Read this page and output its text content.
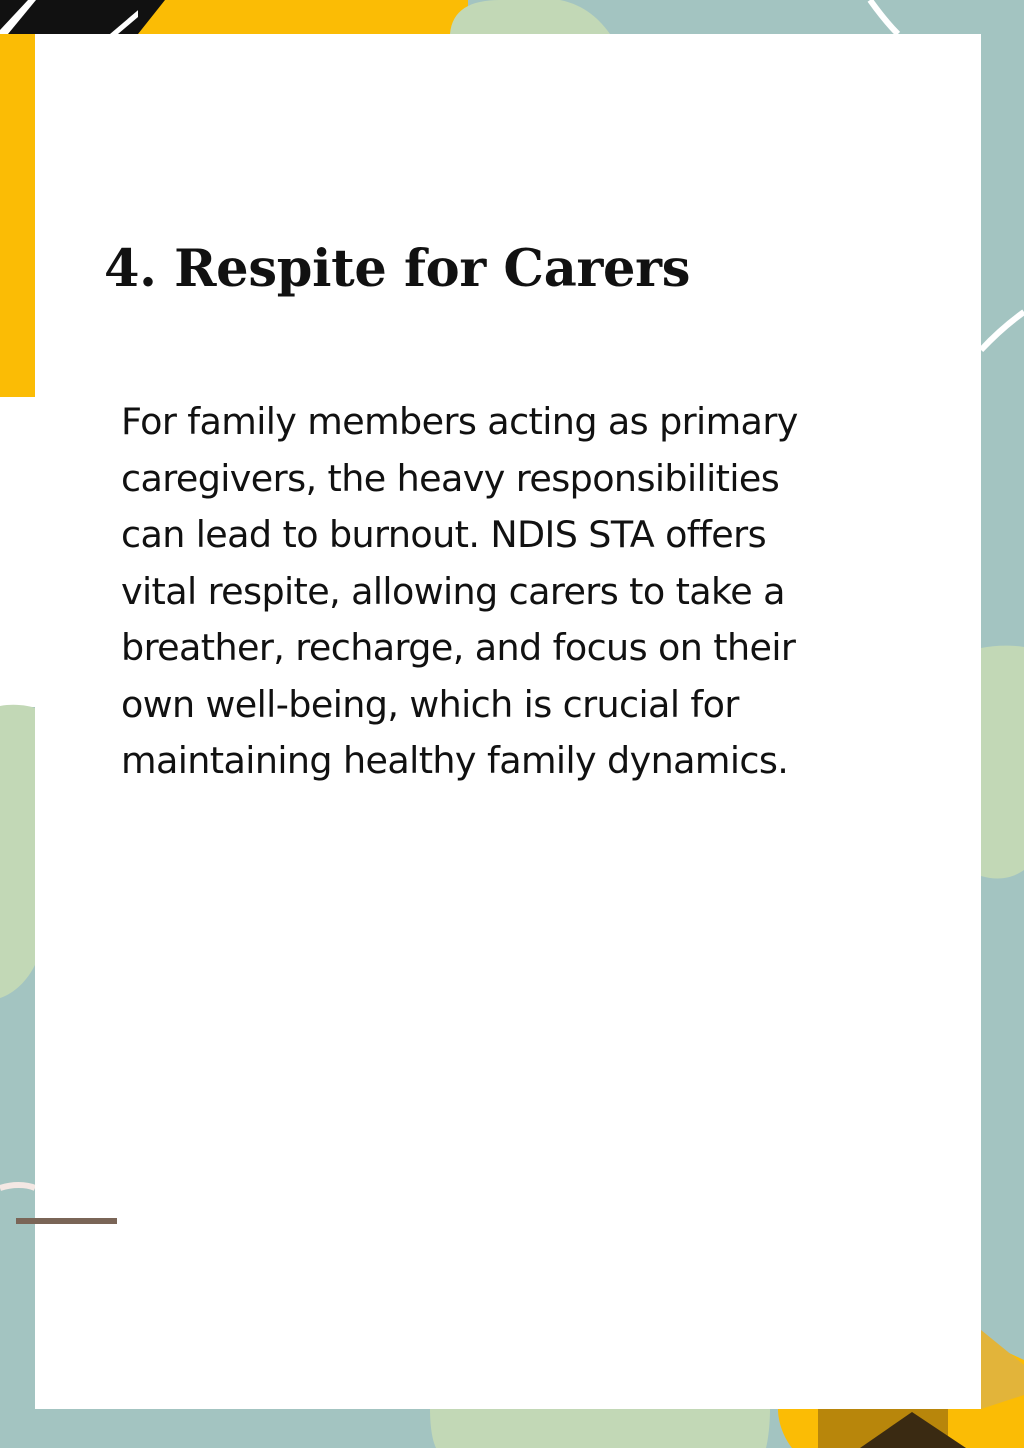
4. Respite for Carers

For family members acting as primary
caregivers, the heavy responsibilities
can lead to burnout. NDIS STA offers
vital respite, allowing carers to take a
breather, recharge, and focus on their
own well-being, which is crucial for
maintaining healthy family dynamics.
